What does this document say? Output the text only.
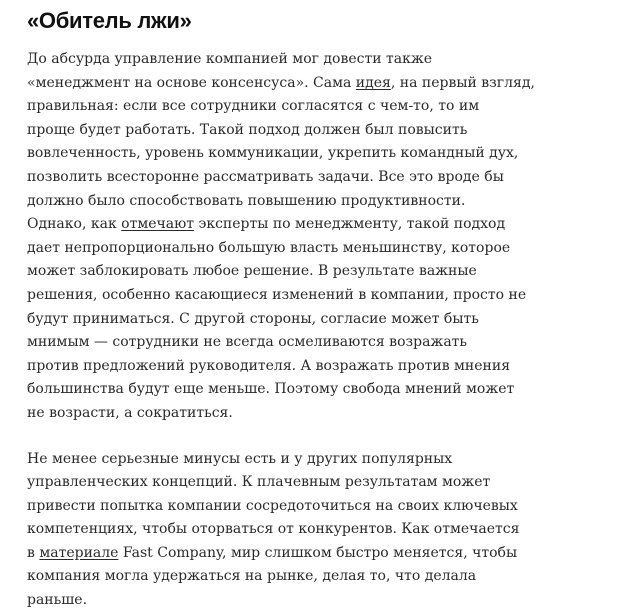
«Обитель лжи»

До абсурда управление компанией мог довести также
«менеджмент на основе консенсуса». Сама идея, на первый взгляд,
правильная: если все сотрудники согласятся с чем-то, то им
проще будет работать. Такой подход должен был повысить
вовлеченность, уровень коммуникации, укрепить командный дух,
позволить всесторонне рассматривать задачи. Все это вроде бы
должно было способствовать повышению продуктивности.
Однако, как отмечают эксперты по менеджменту, такой подход
дает непропорционально большую власть меньшинству, которое
может заблокировать любое решение. В результате важные
решения, особенно касающиеся изменений в компании, просто не
будут приниматься. С другой стороны, согласие может быть
мнимым — сотрудники не всегда осмеливаются возражать
против предложений руководителя. А возражать против мнения
большинства будут еще меньше. Поэтому свобода мнений может
не возрасти, а сократиться.

Не менее серьезные минусы есть и у других популярных
управленческих концепций. К плачевным результатам может
привести попытка компании сосредоточиться на своих ключевых
компетенциях, чтобы оторваться от конкурентов. Как отмечается
в материале Fast Company, мир слишком быстро меняется, чтобы
компания могла удержаться на рынке, делая то, что делала
раньше.
